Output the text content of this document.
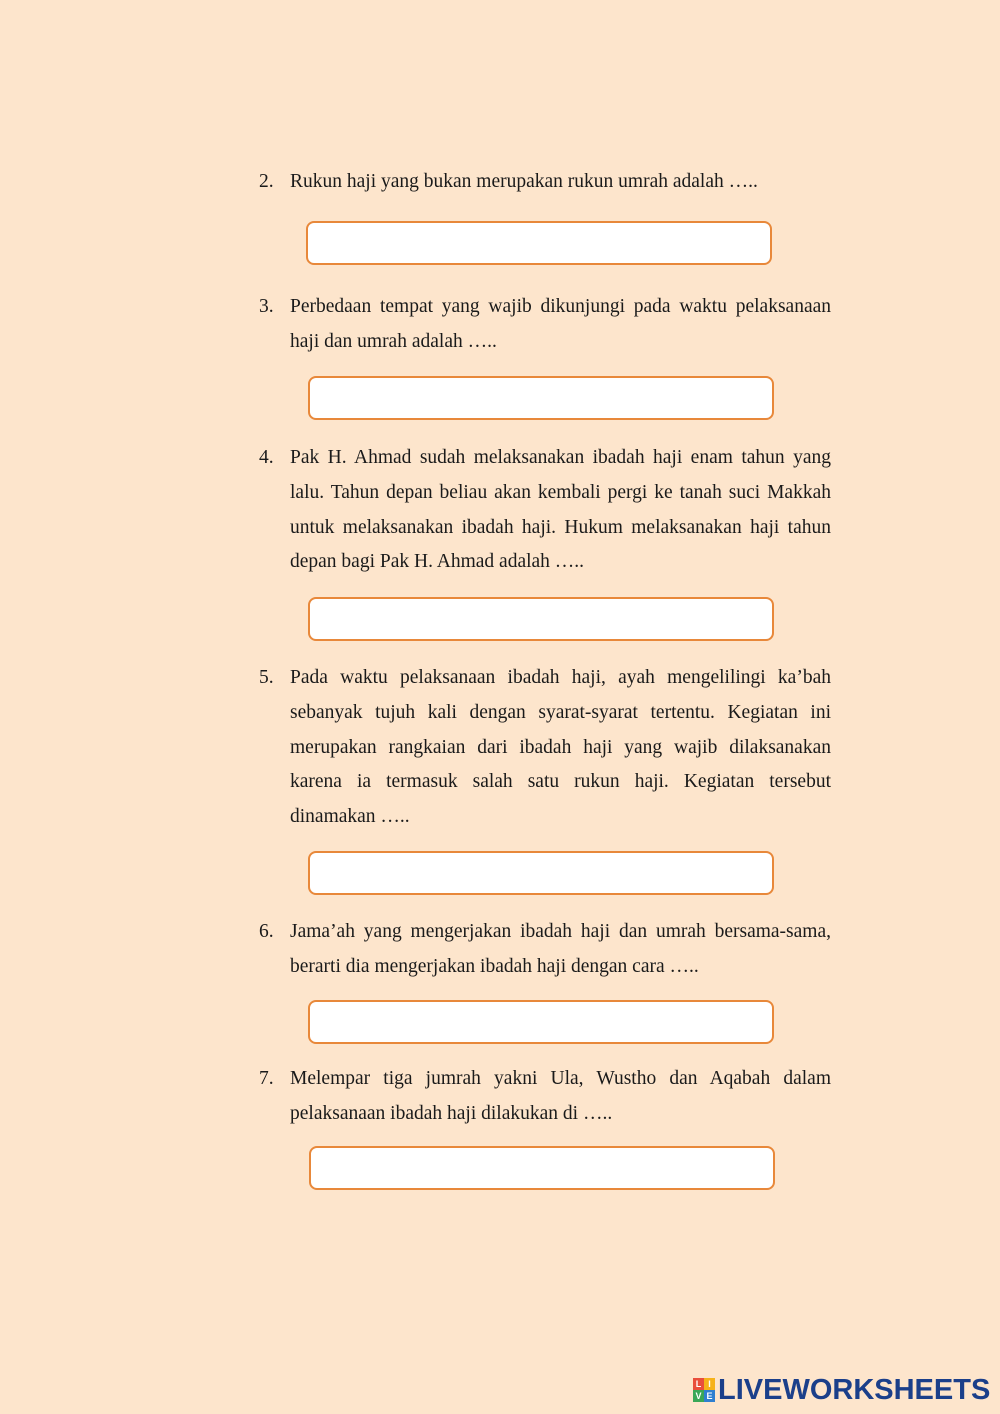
2. Rukun haji yang bukan merupakan rukun umrah adalah …..
3. Perbedaan tempat yang wajib dikunjungi pada waktu pelaksanaan haji dan umrah adalah …..
4. Pak H. Ahmad sudah melaksanakan ibadah haji enam tahun yang lalu. Tahun depan beliau akan kembali pergi ke tanah suci Makkah untuk melaksanakan ibadah haji. Hukum melaksanakan haji tahun depan bagi Pak H. Ahmad adalah …..
5. Pada waktu pelaksanaan ibadah haji, ayah mengelilingi ka’bah sebanyak tujuh kali dengan syarat-syarat tertentu. Kegiatan ini merupakan rangkaian dari ibadah haji yang wajib dilaksanakan karena ia termasuk salah satu rukun haji. Kegiatan tersebut dinamakan …..
6. Jama’ah yang mengerjakan ibadah haji dan umrah bersama-sama, berarti dia mengerjakan ibadah haji dengan cara …..
7. Melempar tiga jumrah yakni Ula, Wustho dan Aqabah dalam pelaksanaan ibadah haji dilakukan di …..
L I
V E LIVEWORKSHEETS
